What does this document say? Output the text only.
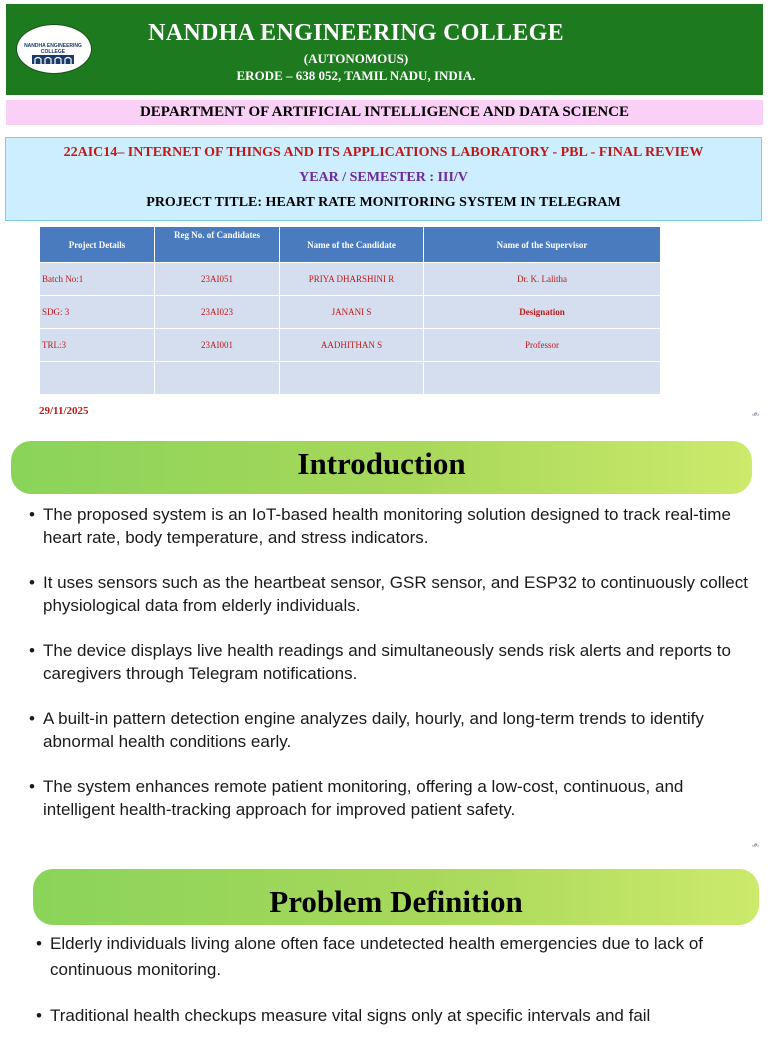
NANDHA ENGINEERING COLLEGE
NANDHA ENGINEERING COLLEGE
(AUTONOMOUS)
ERODE – 638 052, TAMIL NADU, INDIA.
DEPARTMENT OF ARTIFICIAL INTELLIGENCE AND DATA SCIENCE
22AIC14– INTERNET OF THINGS AND ITS APPLICATIONS LABORATORY - PBL - FINAL REVIEW
YEAR / SEMESTER : III/V
PROJECT TITLE: HEART RATE MONITORING SYSTEM IN TELEGRAM
Project Details	Reg No. of Candidates	Name of the Candidate	Name of the Supervisor
Batch No:1	23AI051	PRIYA DHARSHINI R	Dr. K. Lalitha
SDG: 3	23AI023	JANANI S	Designation
TRL:3	23AI001	AADHITHAN S	Professor

29/11/2025	‹#›
Introduction
• The proposed system is an IoT-based health monitoring solution designed to track real-time heart rate, body temperature, and stress indicators.
• It uses sensors such as the heartbeat sensor, GSR sensor, and ESP32 to continuously collect physiological data from elderly individuals.
• The device displays live health readings and simultaneously sends risk alerts and reports to caregivers through Telegram notifications.
• A built-in pattern detection engine analyzes daily, hourly, and long-term trends to identify abnormal health conditions early.
• The system enhances remote patient monitoring, offering a low-cost, continuous, and intelligent health-tracking approach for improved patient safety.
‹#›
Problem Definition
• Elderly individuals living alone often face undetected health emergencies due to lack of continuous monitoring.
• Traditional health checkups measure vital signs only at specific intervals and fail
